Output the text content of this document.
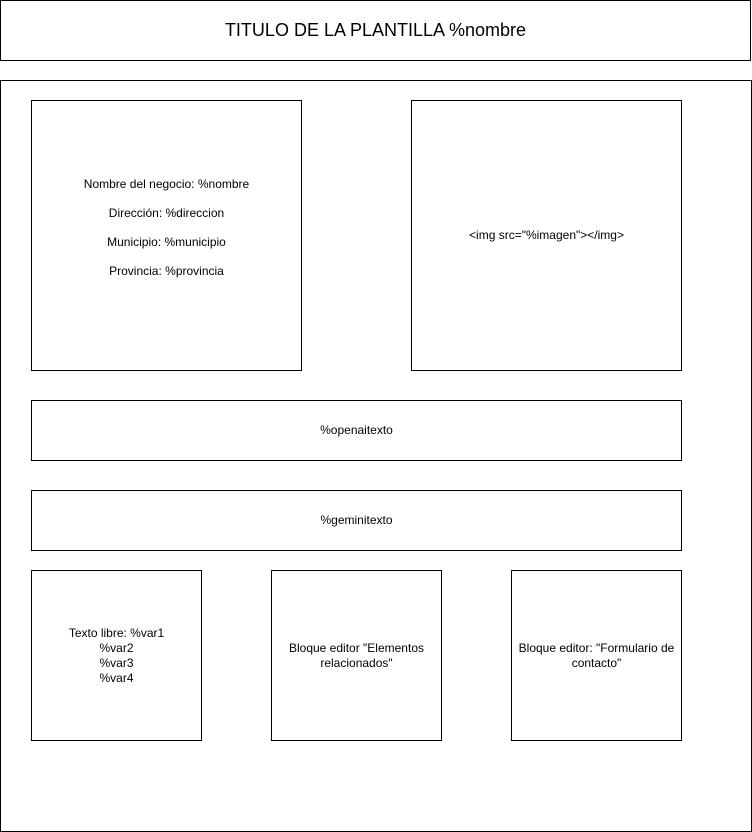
TITULO DE LA PLANTILLA %nombre
Nombre del negocio: %nombre
Dirección: %direccion
Municipio: %municipio
Provincia: %provincia
<img src="%imagen"></img>
%openaitexto
%geminitexto
Texto libre: %var1
%var2
%var3
%var4
Bloque editor "Elementos relacionados"
Bloque editor: "Formulario de contacto"
